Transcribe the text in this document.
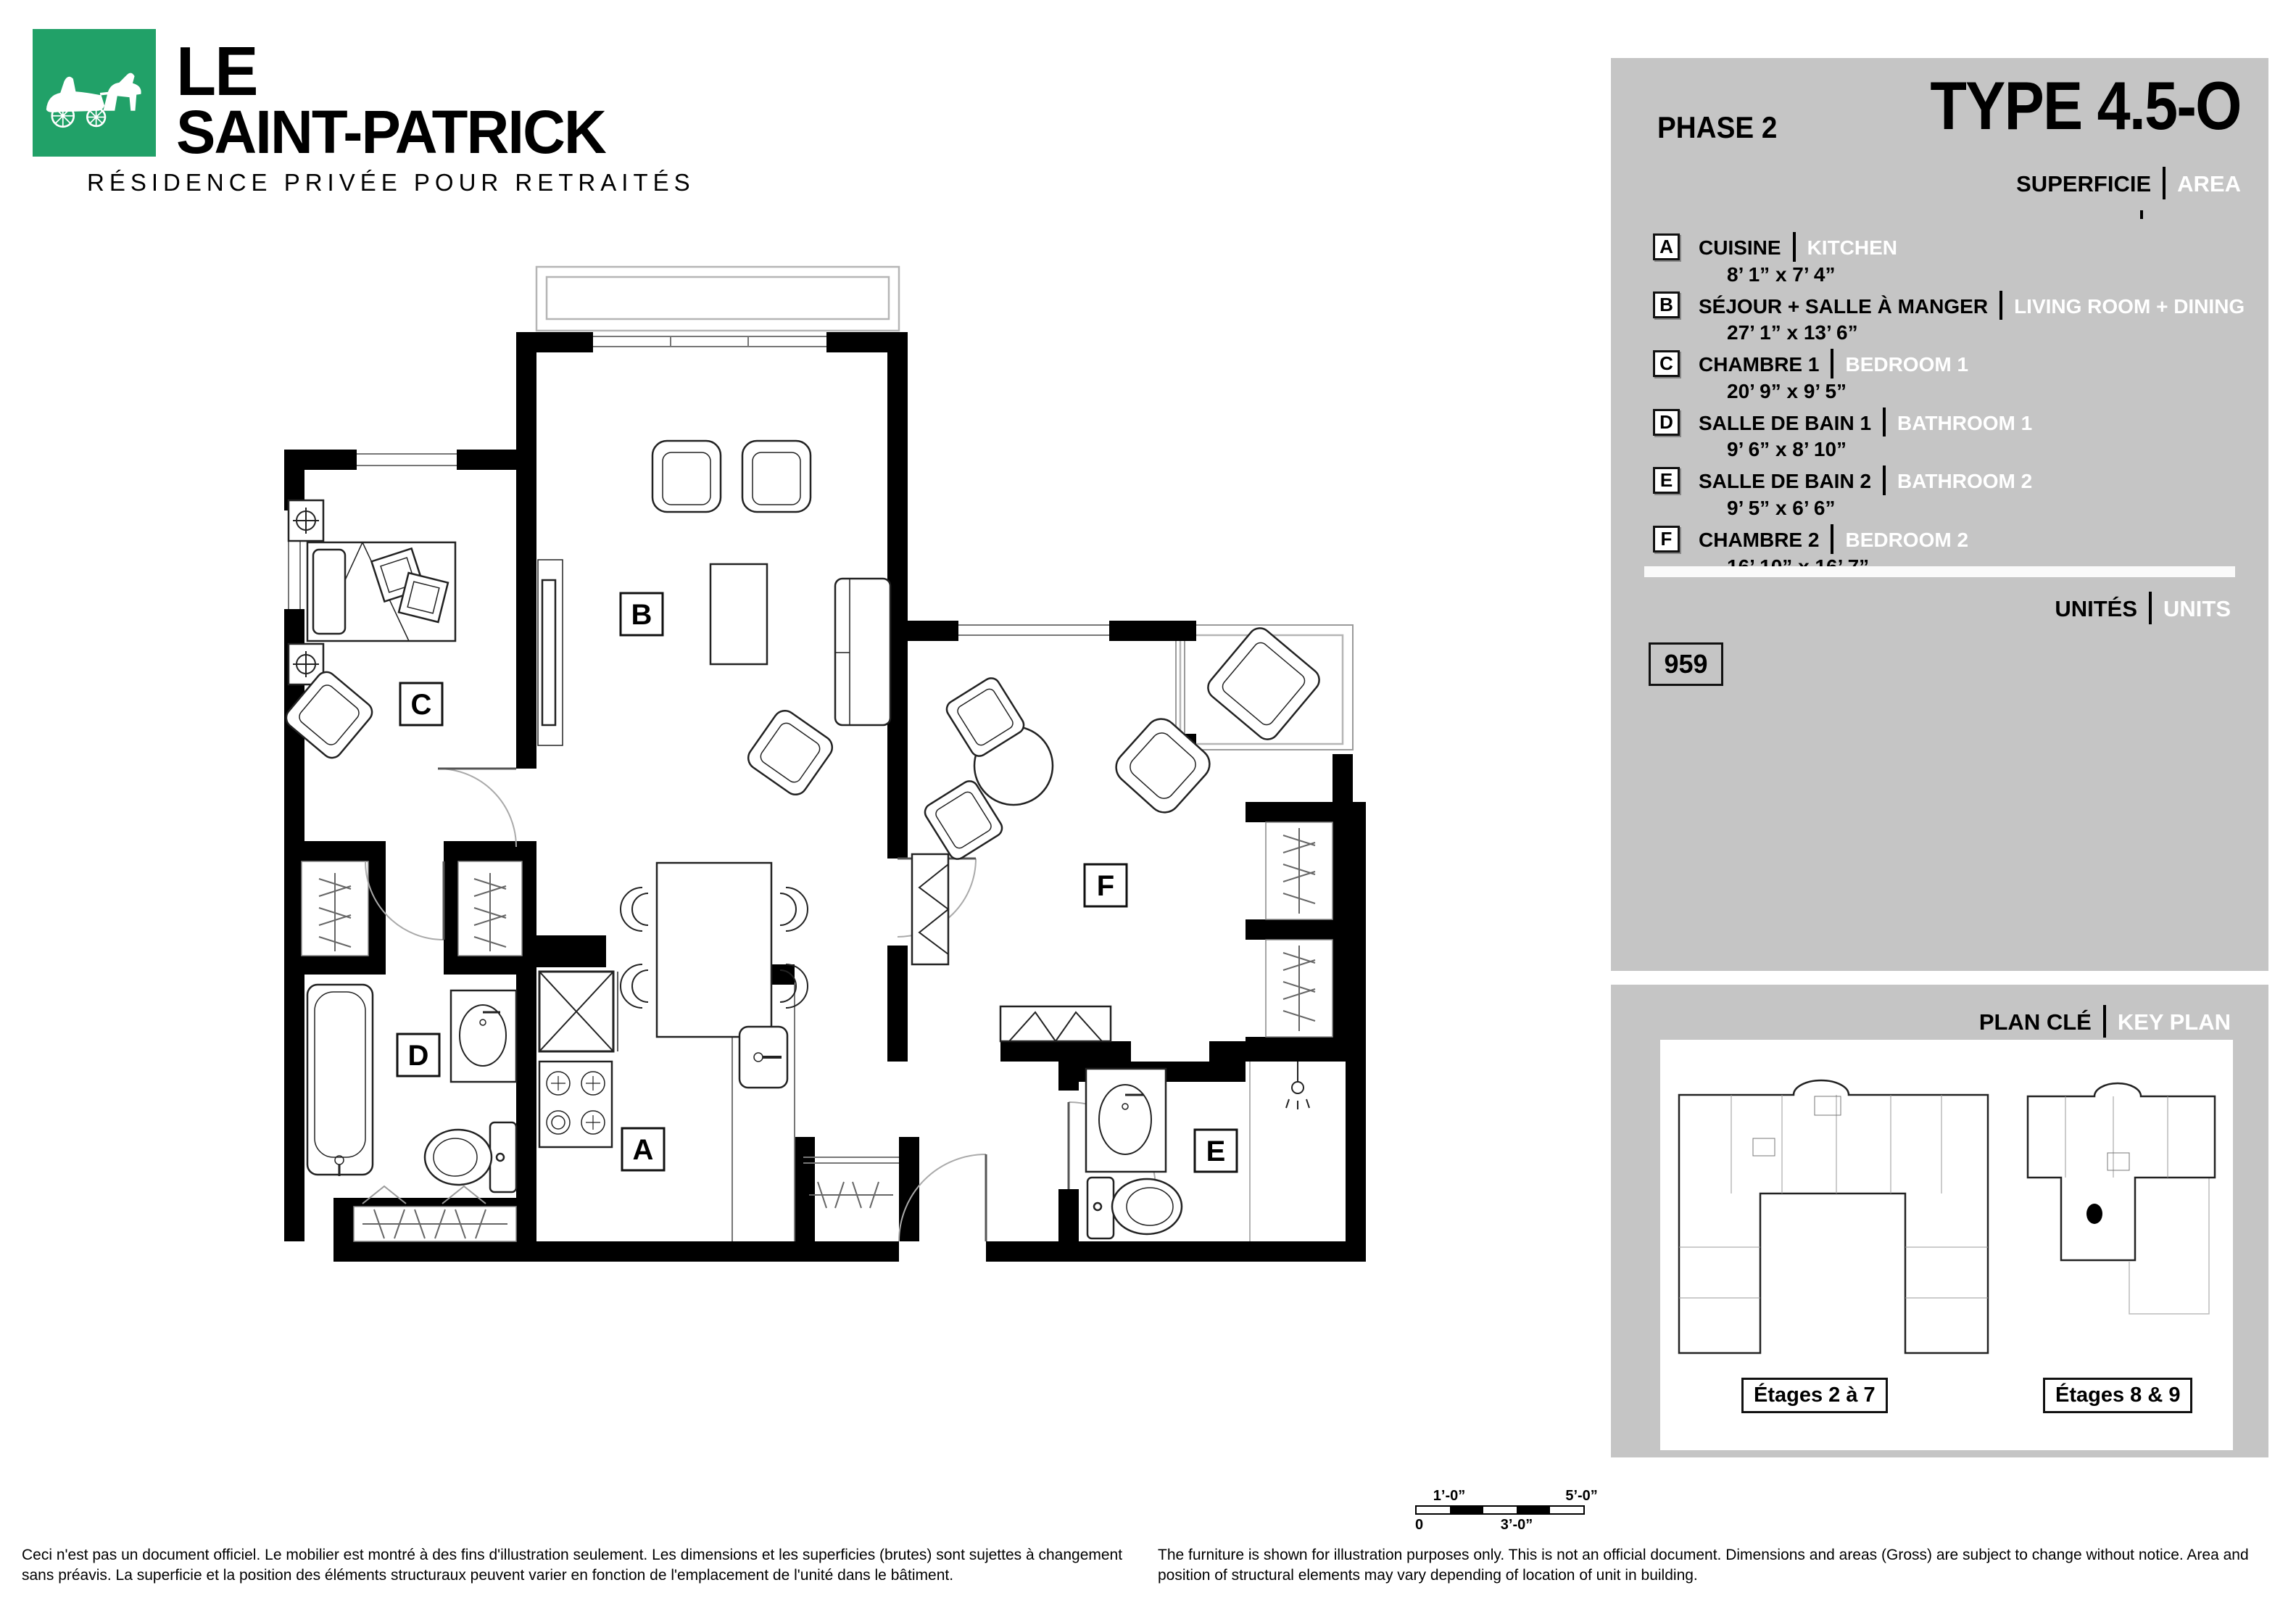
LE
SAINT-PATRICK
RÉSIDENCE PRIVÉE POUR RETRAITÉS
PHASE 2 TYPE 4.5-O
SUPERFICIE AREA
A	CUISINE KITCHEN
8’ 1” x 7’ 4”
B	SÉJOUR + SALLE À MANGER LIVING ROOM + DINING
27’ 1” x 13’ 6”
C	CHAMBRE 1 BEDROOM 1
20’ 9” x 9’ 5”
D	SALLE DE BAIN 1 BATHROOM 1
9’ 6” x 8’ 10”
E	SALLE DE BAIN 2 BATHROOM 2
9’ 5” x 6’ 6”
F	CHAMBRE 2 BEDROOM 2
UNITÉS UNITS
959
PLAN CLÉ KEY PLAN
Étages 2 à 7	Étages 8 & 9
A
B
C
D
E
F
1’-0”	5’-0”
0	3’-0”
Ceci n'est pas un document officiel. Le mobilier est montré à des fins d'illustration seulement. Les dimensions et les superficies (brutes) sont sujettes à changement sans préavis. La superficie et la position des éléments structuraux peuvent varier en fonction de l'emplacement de l'unité dans le bâtiment.
The furniture is shown for illustration purposes only. This is not an official document. Dimensions and areas (Gross) are subject to change without notice. Area and position of structural elements may vary depending of location of unit in building.
